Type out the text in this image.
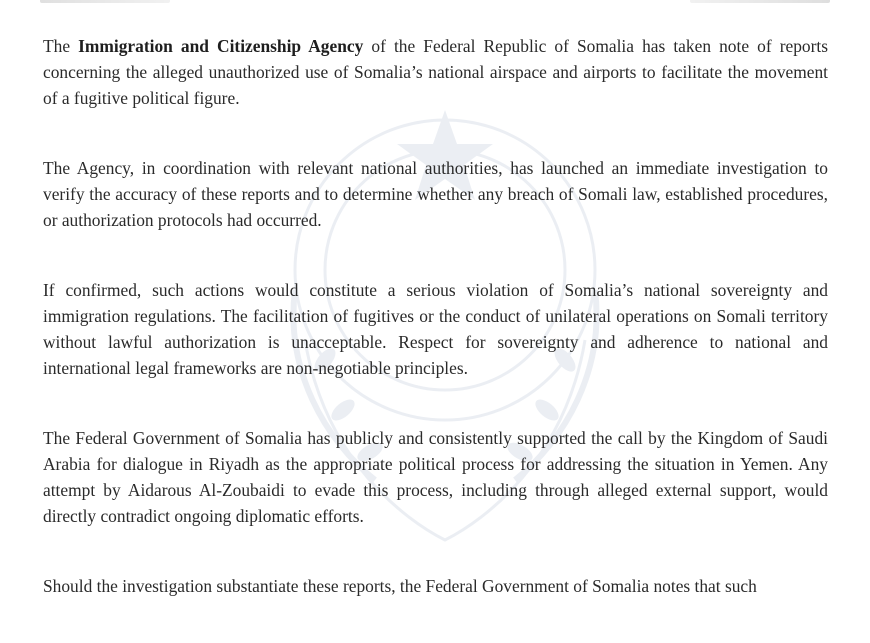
The Immigration and Citizenship Agency of the Federal Republic of Somalia has taken note of reports concerning the alleged unauthorized use of Somalia’s national airspace and airports to facilitate the movement of a fugitive political figure.

The Agency, in coordination with relevant national authorities, has launched an immediate investigation to verify the accuracy of these reports and to determine whether any breach of Somali law, established procedures, or authorization protocols had occurred.

If confirmed, such actions would constitute a serious violation of Somalia’s national sovereignty and immigration regulations. The facilitation of fugitives or the conduct of unilateral operations on Somali territory without lawful authorization is unacceptable. Respect for sovereignty and adherence to national and international legal frameworks are non-negotiable principles.

The Federal Government of Somalia has publicly and consistently supported the call by the Kingdom of Saudi Arabia for dialogue in Riyadh as the appropriate political process for addressing the situation in Yemen. Any attempt by Aidarous Al-Zoubaidi to evade this process, including through alleged external support, would directly contradict ongoing diplomatic efforts.

Should the investigation substantiate these reports, the Federal Government of Somalia notes that such
